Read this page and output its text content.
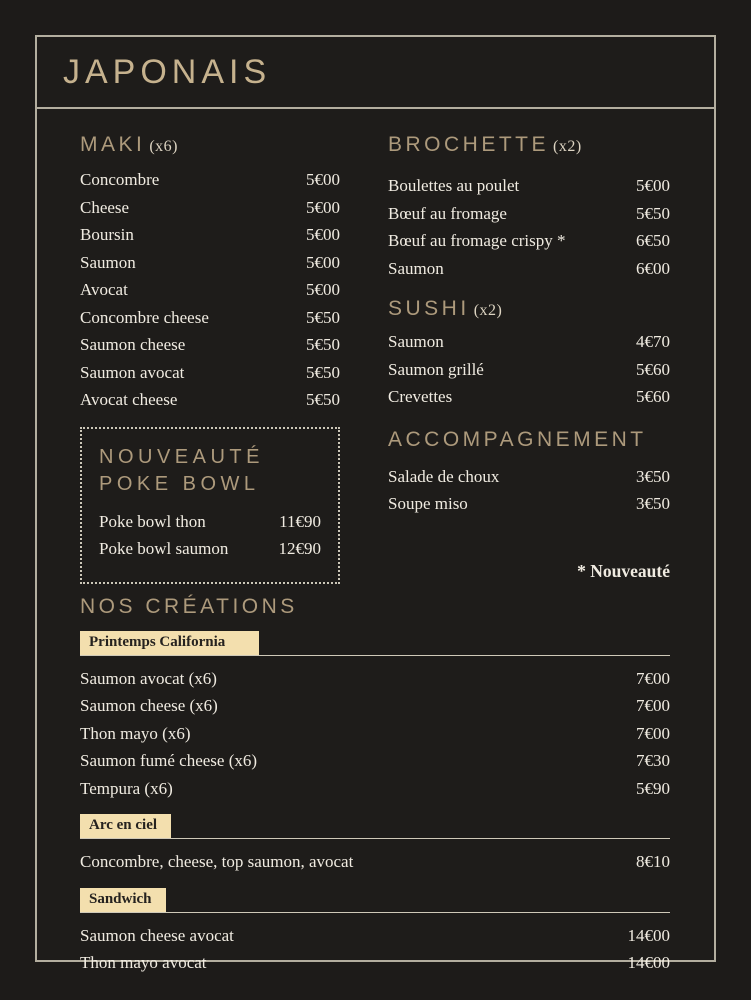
JAPONAIS
MAKI (x6)
Concombre	5€00
Cheese	5€00
Boursin	5€00
Saumon	5€00
Avocat	5€00
Concombre cheese	5€50
Saumon cheese	5€50
Saumon avocat	5€50
Avocat cheese	5€50
NOUVEAUTÉ
POKE BOWL
Poke bowl thon	11€90
Poke bowl saumon	12€90
BROCHETTE (x2)
Boulettes au poulet	5€00
Bœuf au fromage	5€50
Bœuf au fromage crispy *	6€50
Saumon	6€00
SUSHI (x2)
Saumon	4€70
Saumon grillé	5€60
Crevettes	5€60
ACCOMPAGNEMENT
Salade de choux	3€50
Soupe miso	3€50
* Nouveauté
NOS CRÉATIONS
Printemps California
Saumon avocat (x6)	7€00
Saumon cheese (x6)	7€00
Thon mayo (x6)	7€00
Saumon fumé cheese (x6)	7€30
Tempura (x6)	5€90
Arc en ciel
Concombre, cheese, top saumon, avocat	8€10
Sandwich
Saumon cheese avocat	14€00
Thon mayo avocat	14€00
